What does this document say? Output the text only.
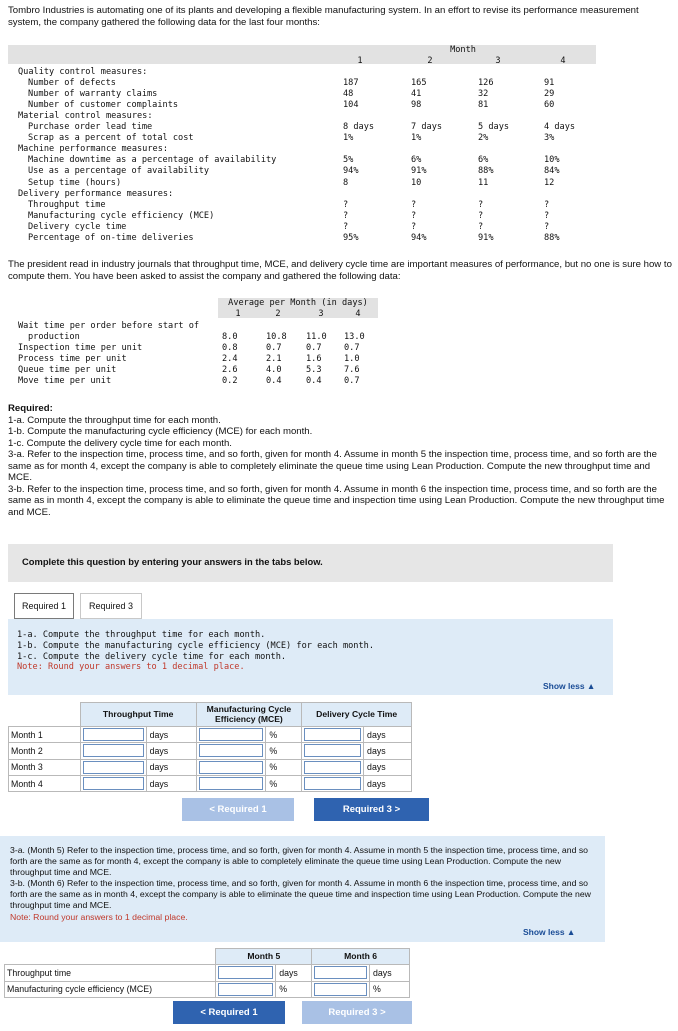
Tombro Industries is automating one of its plants and developing a flexible manufacturing system. In an effort to revise its performance measurement system, the company gathered the following data for the last four months:

Month
1	2	3	4
Quality control measures:
Number of defects	187	165	126	91
Number of warranty claims	48	41	32	29
Number of customer complaints	104	98	81	60
Material control measures:
Purchase order lead time	8 days	7 days	5 days	4 days
Scrap as a percent of total cost	1%	1%	2%	3%
Machine performance measures:
Machine downtime as a percentage of availability	5%	6%	6%	10%
Use as a percentage of availability	94%	91%	88%	84%
Setup time (hours)	8	10	11	12
Delivery performance measures:
Throughput time	?	?	?	?
Manufacturing cycle efficiency (MCE)	?	?	?	?
Delivery cycle time	?	?	?	?
Percentage of on-time deliveries	95%	94%	91%	88%

The president read in industry journals that throughput time, MCE, and delivery cycle time are important measures of performance, but no one is sure how to compute them. You have been asked to assist the company and gathered the following data:

Average per Month (in days)
1	2	3	4
Wait time per order before start of
production	8.0	10.8 11.0 13.0
Inspection time per unit	0.8	0.7	0.7	0.7
Process time per unit	2.4	2.1	1.6	1.0
Queue time per unit	2.6	4.0	5.3	7.6
Move time per unit	0.2	0.4	0.4	0.7
Required:

1-a. Compute the throughput time for each month.

1-b. Compute the manufacturing cycle efficiency (MCE) for each month.

1-c. Compute the delivery cycle time for each month.

3-a. Refer to the inspection time, process time, and so forth, given for month 4. Assume in month 5 the inspection time, process time, and so forth are the same as for month 4, except the company is able to completely eliminate the queue time using Lean Production. Compute the new throughput time and MCE.

3-b. Refer to the inspection time, process time, and so forth, given for month 4. Assume in month 6 the inspection time, process time, and so forth are the same as in month 4, except the company is able to eliminate the queue time and inspection time using Lean Production. Compute the new throughput time and MCE.

Complete this question by entering your answers in the tabs below.
Required 1	Required 3
1-a. Compute the throughput time for each month.
1-b. Compute the manufacturing cycle efficiency (MCE) for each month.
1-c. Compute the delivery cycle time for each month.
Note: Round your answers to 1 decimal place.
Show less ▲
	Throughput Time		Manufacturing Cycle Efficiency (MCE)		Delivery Cycle Time	
Month 1		days		%		days
Month 2		days		%		days
Month 3		days		%		days
Month 4		days		%		days
< Required 1	Required 3 >
3-a. (Month 5) Refer to the inspection time, process time, and so forth, given for month 4. Assume in month 5 the inspection time, process time, and so forth are the same as for month 4, except the company is able to completely eliminate the queue time using Lean Production. Compute the new throughput time and MCE.
3-b. (Month 6) Refer to the inspection time, process time, and so forth, given for month 4. Assume in month 6 the inspection time, process time, and so forth are the same as in month 4, except the company is able to eliminate the queue time and inspection time using Lean Production. Compute the new throughput time and MCE.
Note: Round your answers to 1 decimal place.
Show less ▲
	Month 5		Month 6	
Throughput time		days		days
Manufacturing cycle efficiency (MCE)		%		%
< Required 1	Required 3 >
